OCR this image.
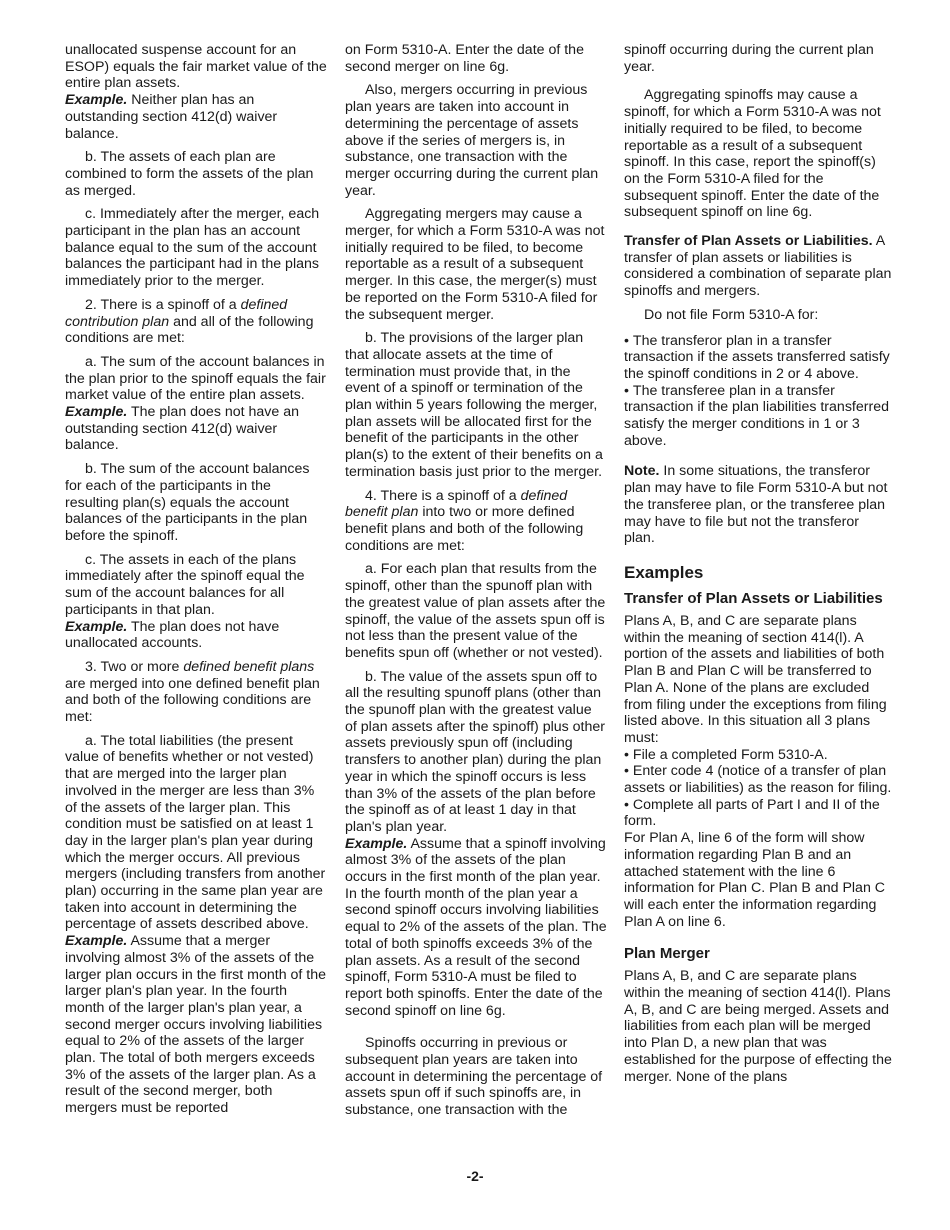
unallocated suspense account for an ESOP) equals the fair market value of the entire plan assets.

Example. Neither plan has an outstanding section 412(d) waiver balance.

b. The assets of each plan are combined to form the assets of the plan as merged.

c. Immediately after the merger, each participant in the plan has an account balance equal to the sum of the account balances the participant had in the plans immediately prior to the merger.

2. There is a spinoff of a defined contribution plan and all of the following conditions are met:

a. The sum of the account balances in the plan prior to the spinoff equals the fair market value of the entire plan assets.

Example. The plan does not have an outstanding section 412(d) waiver balance.

b. The sum of the account balances for each of the participants in the resulting plan(s) equals the account balances of the participants in the plan before the spinoff.

c. The assets in each of the plans immediately after the spinoff equal the sum of the account balances for all participants in that plan.

Example. The plan does not have unallocated accounts.

3. Two or more defined benefit plans are merged into one defined benefit plan and both of the following conditions are met:

a. The total liabilities (the present value of benefits whether or not vested) that are merged into the larger plan involved in the merger are less than 3% of the assets of the larger plan. This condition must be satisfied on at least 1 day in the larger plan's plan year during which the merger occurs. All previous mergers (including transfers from another plan) occurring in the same plan year are taken into account in determining the percentage of assets described above.

Example. Assume that a merger involving almost 3% of the assets of the larger plan occurs in the first month of the larger plan's plan year. In the fourth month of the larger plan's plan year, a second merger occurs involving liabilities equal to 2% of the assets of the larger plan. The total of both mergers exceeds 3% of the assets of the larger plan. As a result of the second merger, both mergers must be reported

on Form 5310-A. Enter the date of the second merger on line 6g.

Also, mergers occurring in previous plan years are taken into account in determining the percentage of assets above if the series of mergers is, in substance, one transaction with the merger occurring during the current plan year.

Aggregating mergers may cause a merger, for which a Form 5310-A was not initially required to be filed, to become reportable as a result of a subsequent merger. In this case, the merger(s) must be reported on the Form 5310-A filed for the subsequent merger.

b. The provisions of the larger plan that allocate assets at the time of termination must provide that, in the event of a spinoff or termination of the plan within 5 years following the merger, plan assets will be allocated first for the benefit of the participants in the other plan(s) to the extent of their benefits on a termination basis just prior to the merger.

4. There is a spinoff of a defined benefit plan into two or more defined benefit plans and both of the following conditions are met:

a. For each plan that results from the spinoff, other than the spunoff plan with the greatest value of plan assets after the spinoff, the value of the assets spun off is not less than the present value of the benefits spun off (whether or not vested).

b. The value of the assets spun off to all the resulting spunoff plans (other than the spunoff plan with the greatest value of plan assets after the spinoff) plus other assets previously spun off (including transfers to another plan) during the plan year in which the spinoff occurs is less than 3% of the assets of the plan before the spinoff as of at least 1 day in that plan's plan year.

Example. Assume that a spinoff involving almost 3% of the assets of the plan occurs in the first month of the plan year. In the fourth month of the plan year a second spinoff occurs involving liabilities equal to 2% of the assets of the plan. The total of both spinoffs exceeds 3% of the plan assets. As a result of the second spinoff, Form 5310-A must be filed to report both spinoffs. Enter the date of the second spinoff on line 6g.

Spinoffs occurring in previous or subsequent plan years are taken into account in determining the percentage of assets spun off if such spinoffs are, in substance, one transaction with the

spinoff occurring during the current plan year.

Aggregating spinoffs may cause a spinoff, for which a Form 5310-A was not initially required to be filed, to become reportable as a result of a subsequent spinoff. In this case, report the spinoff(s) on the Form 5310-A filed for the subsequent spinoff. Enter the date of the subsequent spinoff on line 6g.

Transfer of Plan Assets or Liabilities. A transfer of plan assets or liabilities is considered a combination of separate plan spinoffs and mergers.

Do not file Form 5310-A for:

• The transferor plan in a transfer transaction if the assets transferred satisfy the spinoff conditions in 2 or 4 above.

• The transferee plan in a transfer transaction if the plan liabilities transferred satisfy the merger conditions in 1 or 3 above.

Note. In some situations, the transferor plan may have to file Form 5310-A but not the transferee plan, or the transferee plan may have to file but not the transferor plan.

Examples
Transfer of Plan Assets or Liabilities

Plans A, B, and C are separate plans within the meaning of section 414(l). A portion of the assets and liabilities of both Plan B and Plan C will be transferred to Plan A. None of the plans are excluded from filing under the exceptions from filing listed above. In this situation all 3 plans must:

• File a completed Form 5310-A.

• Enter code 4 (notice of a transfer of plan assets or liabilities) as the reason for filing.

• Complete all parts of Part I and II of the form.

For Plan A, line 6 of the form will show information regarding Plan B and an attached statement with the line 6 information for Plan C. Plan B and Plan C will each enter the information regarding Plan A on line 6.

Plan Merger

Plans A, B, and C are separate plans within the meaning of section 414(l). Plans A, B, and C are being merged. Assets and liabilities from each plan will be merged into Plan D, a new plan that was established for the purpose of effecting the merger. None of the plans

-2-
